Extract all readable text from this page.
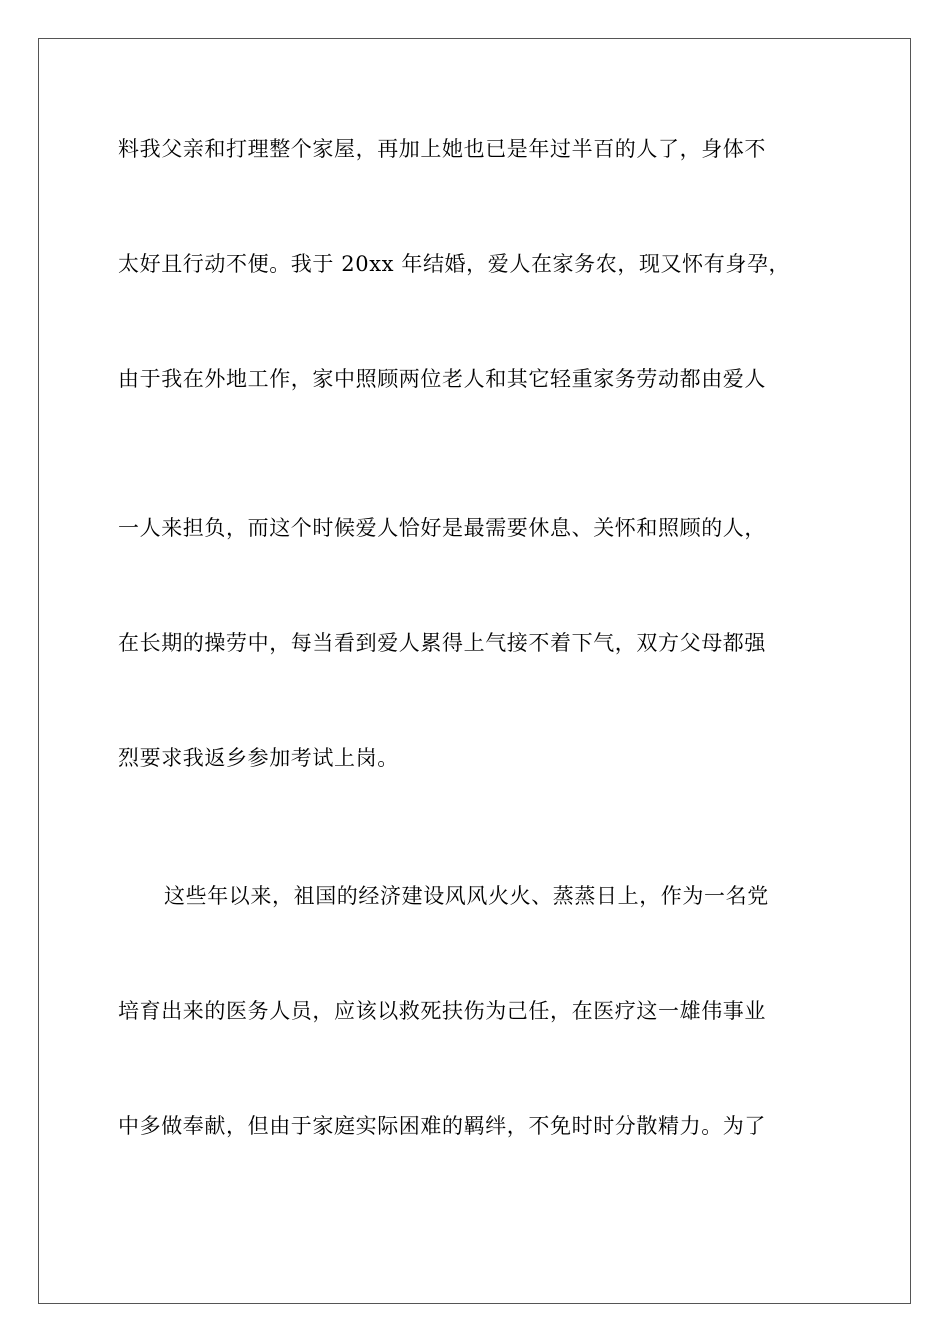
料我父亲和打理整个家屋，再加上她也已是年过半百的人了，身体不
太好且行动不便。我于 20xx 年结婚，爱人在家务农，现又怀有身孕，
由于我在外地工作，家中照顾两位老人和其它轻重家务劳动都由爱人
一人来担负，而这个时候爱人恰好是最需要休息、关怀和照顾的人，
在长期的操劳中，每当看到爱人累得上气接不着下气，双方父母都强
烈要求我返乡参加考试上岗。
这些年以来，祖国的经济建设风风火火、蒸蒸日上，作为一名党
培育出来的医务人员，应该以救死扶伤为己任，在医疗这一雄伟事业
中多做奉献，但由于家庭实际困难的羁绊，不免时时分散精力。为了
